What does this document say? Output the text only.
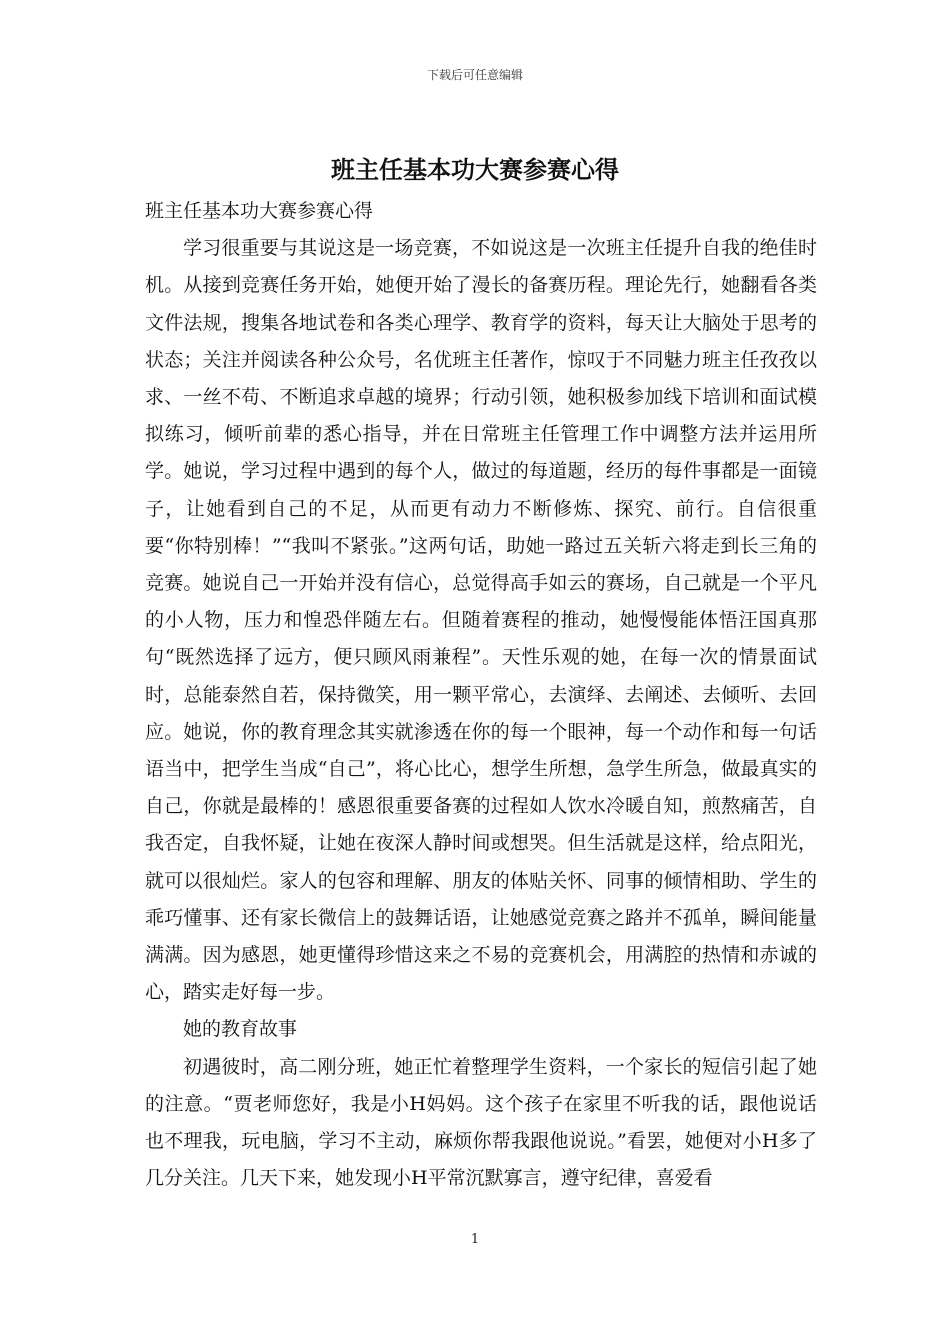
下载后可任意编辑
班主任基本功大赛参赛心得

班主任基本功大赛参赛心得

学习很重要与其说这是一场竞赛，不如说这是一次班主任提升自我的绝佳时机。从接到竞赛任务开始，她便开始了漫长的备赛历程。理论先行，她翻看各类文件法规，搜集各地试卷和各类心理学、教育学的资料，每天让大脑处于思考的状态；关注并阅读各种公众号，名优班主任著作，惊叹于不同魅力班主任孜孜以求、一丝不苟、不断追求卓越的境界；行动引领，她积极参加线下培训和面试模拟练习，倾听前辈的悉心指导，并在日常班主任管理工作中调整方法并运用所学。她说，学习过程中遇到的每个人，做过的每道题，经历的每件事都是一面镜子，让她看到自己的不足，从而更有动力不断修炼、探究、前行。自信很重要“你特别棒！”“我叫不紧张。”这两句话，助她一路过五关斩六将走到长三角的竞赛。她说自己一开始并没有信心，总觉得高手如云的赛场，自己就是一个平凡的小人物，压力和惶恐伴随左右。但随着赛程的推动，她慢慢能体悟汪国真那句“既然选择了远方，便只顾风雨兼程”。天性乐观的她，在每一次的情景面试时，总能泰然自若，保持微笑，用一颗平常心，去演绎、去阐述、去倾听、去回应。她说，你的教育理念其实就渗透在你的每一个眼神，每一个动作和每一句话语当中，把学生当成“自己”，将心比心，想学生所想，急学生所急，做最真实的自己，你就是最棒的！感恩很重要备赛的过程如人饮水冷暖自知，煎熬痛苦，自我否定，自我怀疑，让她在夜深人静时间或想哭。但生活就是这样，给点阳光，就可以很灿烂。家人的包容和理解、朋友的体贴关怀、同事的倾情相助、学生的乖巧懂事、还有家长微信上的鼓舞话语，让她感觉竞赛之路并不孤单，瞬间能量满满。因为感恩，她更懂得珍惜这来之不易的竞赛机会，用满腔的热情和赤诚的心，踏实走好每一步。

她的教育故事

初遇彼时，高二刚分班，她正忙着整理学生资料，一个家长的短信引起了她的注意。“贾老师您好，我是小H妈妈。这个孩子在家里不听我的话，跟他说话也不理我，玩电脑，学习不主动，麻烦你帮我跟他说说。”看罢，她便对小H多了几分关注。几天下来，她发现小H平常沉默寡言，遵守纪律，喜爱看

1
